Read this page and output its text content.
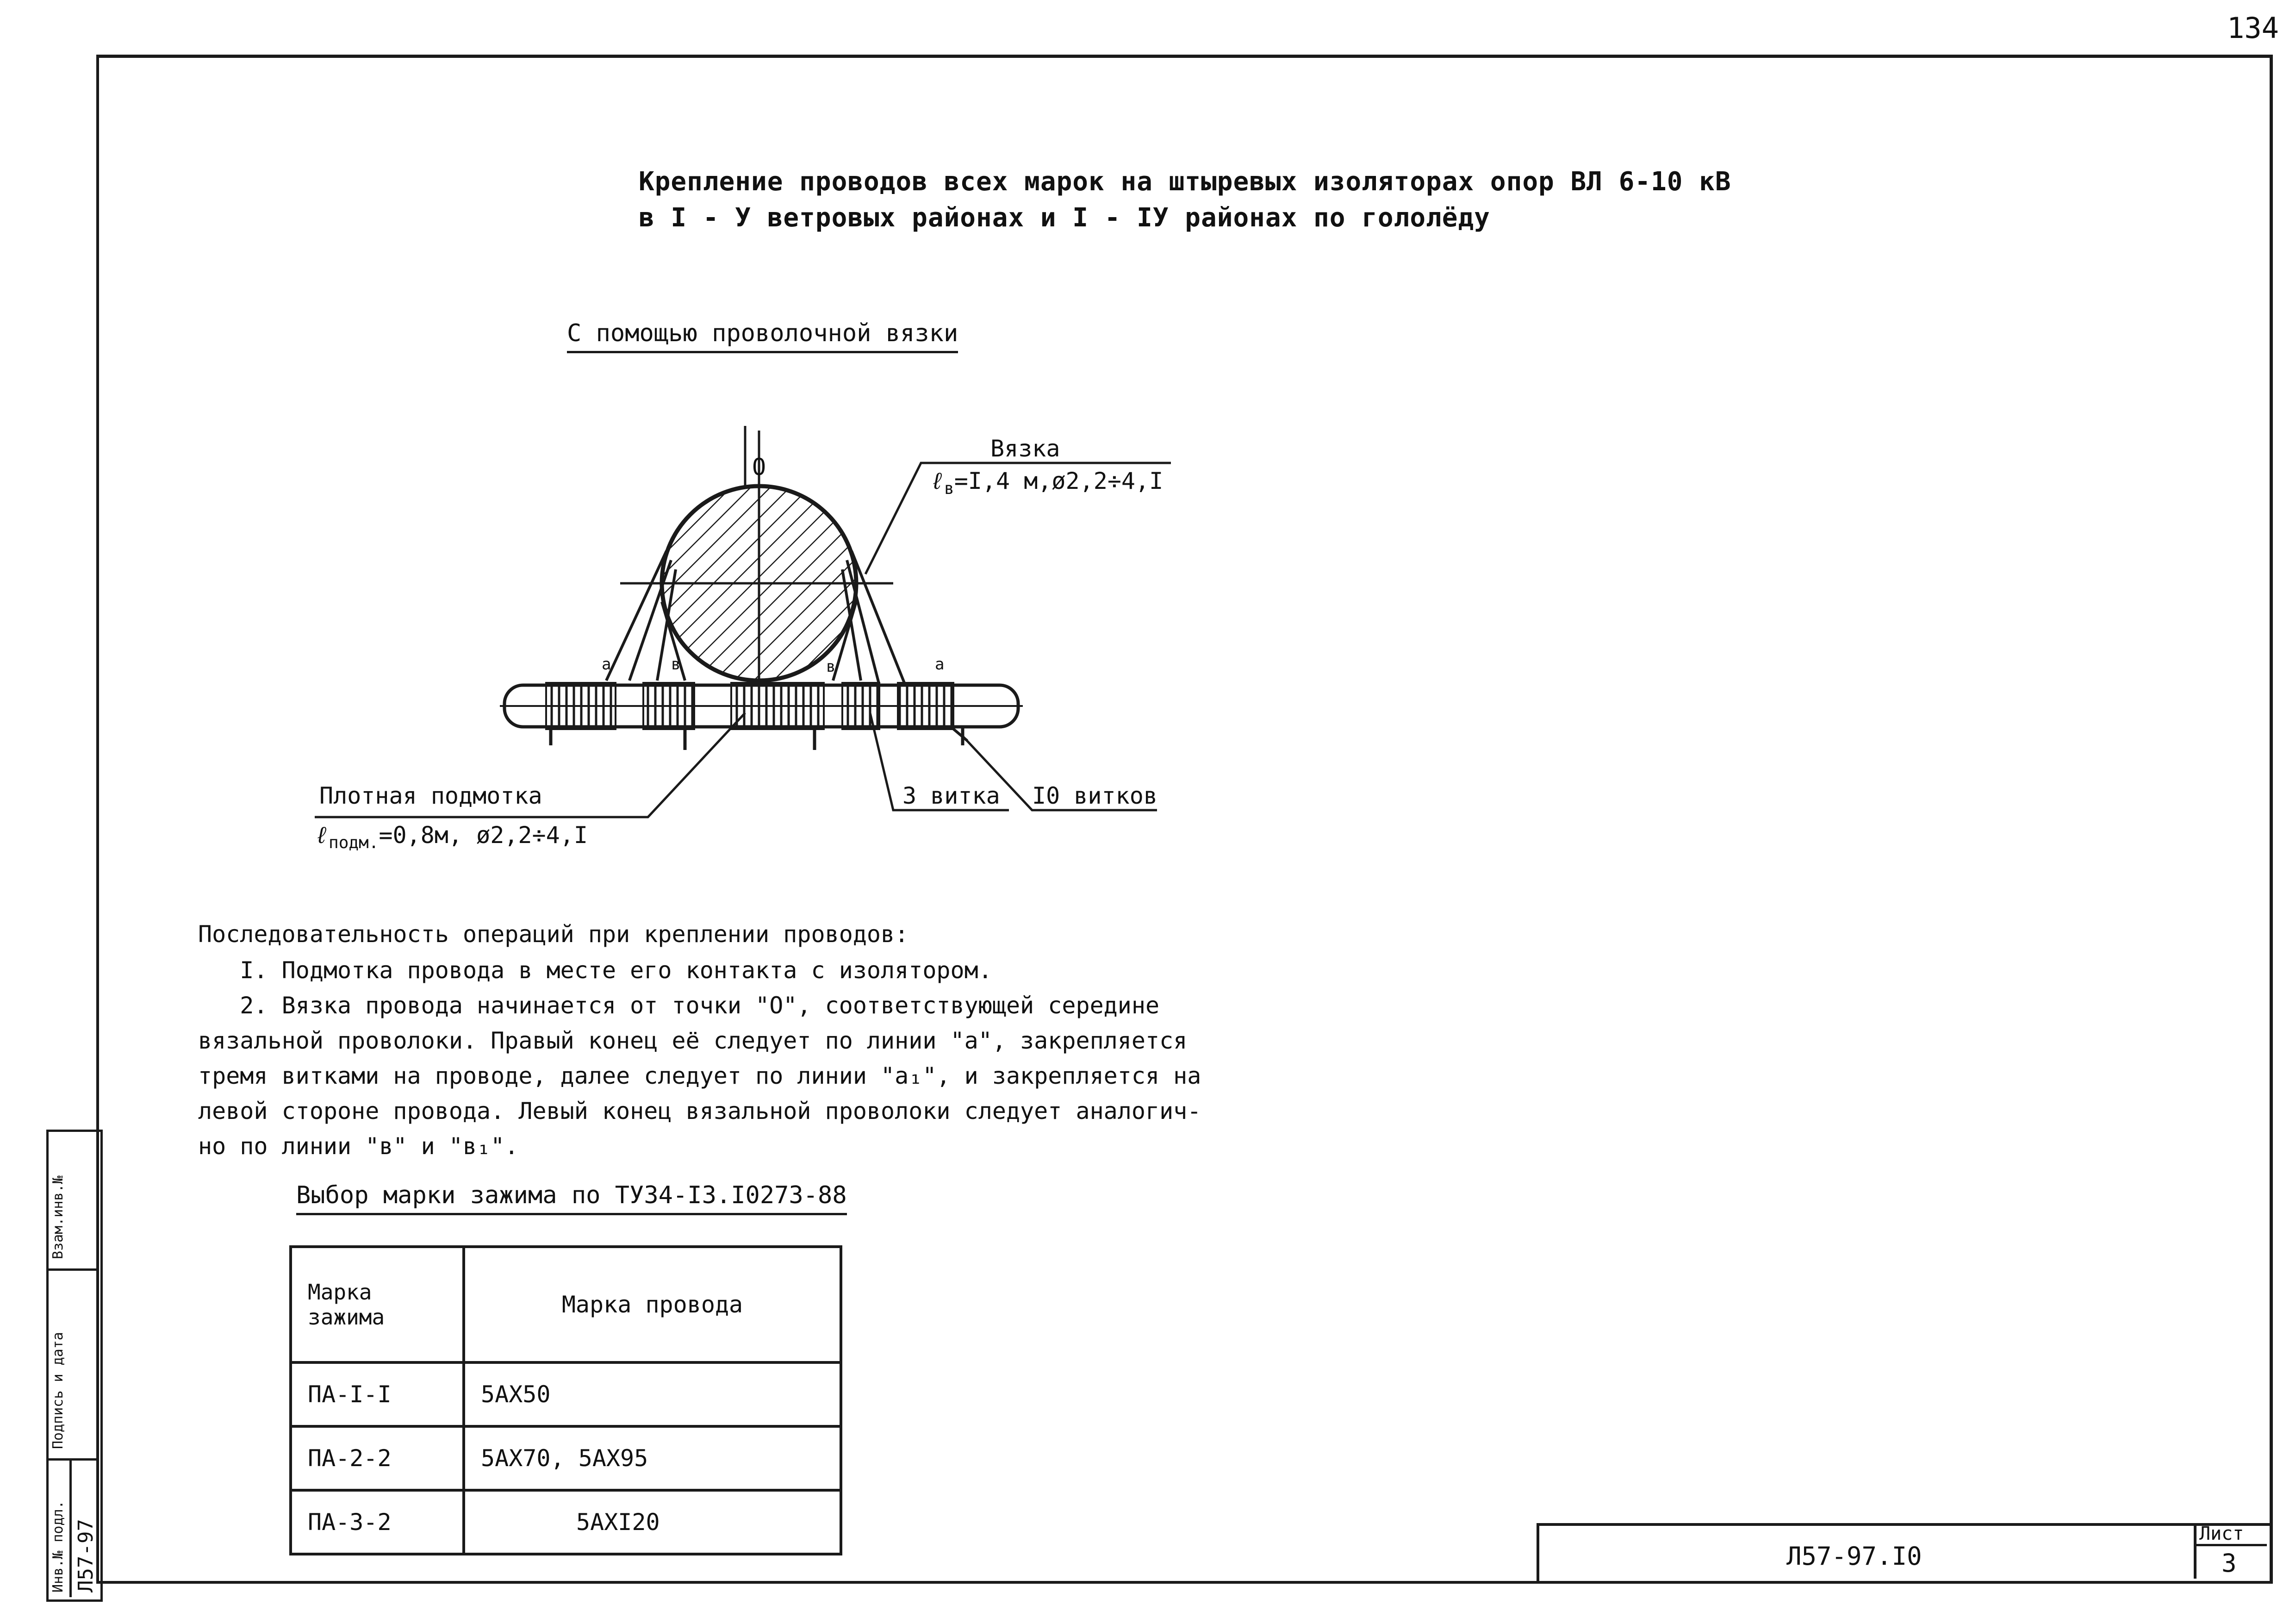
134
Взам.инв.№
Подпись и дата
Инв.№ подл. Л57-97
Крепление проводов всех марок на штыревых изоляторах опор ВЛ 6-10 кВ
в I - У ветровых районах и I - IУ районах по гололёду
С помощью проволочной вязки
О
Вязка
ℓ$_в$=I,4 м,ø2,2÷4,I
Плотная подмотка
ℓ$_{подм.}$=0,8м, ø2,2÷4,I
3 витка I0 витков
а	в	в	а
Последовательность операций при креплении проводов:
I. Подмотка провода в месте его контакта с изолятором.
2. Вязка провода начинается от точки "О", соответствующей середине
вязальной проволоки. Правый конец её следует по линии "а", закрепляется
тремя витками на проводе, далее следует по линии "а₁", и закрепляется на
левой стороне провода. Левый конец вязальной проволоки следует аналогич-
но по линии "в" и "в₁".
Выбор марки зажима по ТУ34-I3.I0273-88
Марка
зажима	Марка провода
ПА-I-I	5АХ50
ПА-2-2	5АХ70, 5АХ95
ПА-3-2	5АХI20
Л57-97.I0
Лист
3
